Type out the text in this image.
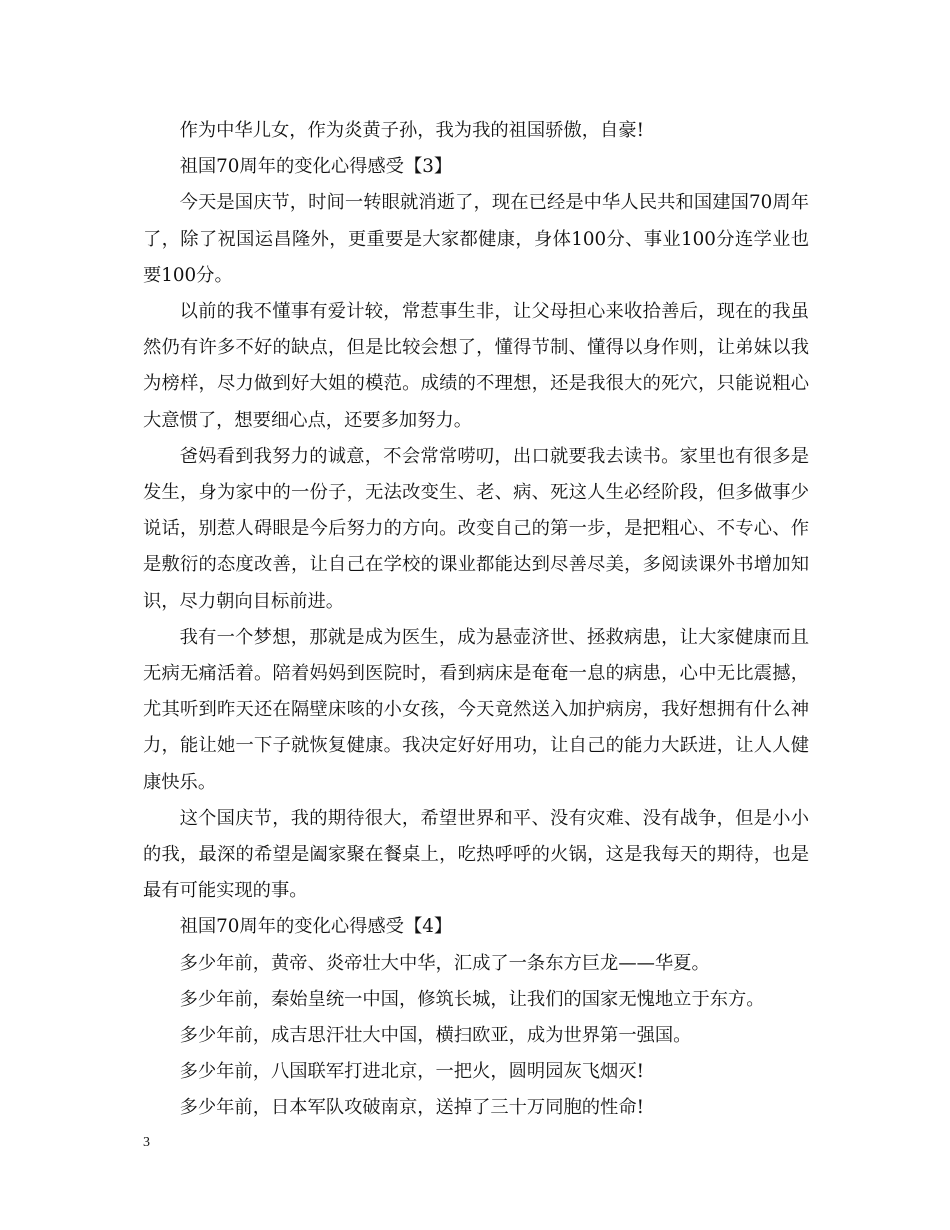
作为中华儿女，作为炎黄子孙，我为我的祖国骄傲，自豪!

祖国70周年的变化心得感受【3】

今天是国庆节，时间一转眼就消逝了，现在已经是中华人民共和国建国70周年了，除了祝国运昌隆外，更重要是大家都健康，身体100分、事业100分连学业也要100分。

以前的我不懂事有爱计较，常惹事生非，让父母担心来收拾善后，现在的我虽然仍有许多不好的缺点，但是比较会想了，懂得节制、懂得以身作则，让弟妹以我为榜样，尽力做到好大姐的模范。成绩的不理想，还是我很大的死穴，只能说粗心大意惯了，想要细心点，还要多加努力。

爸妈看到我努力的诚意，不会常常唠叨，出口就要我去读书。家里也有很多是发生，身为家中的一份子，无法改变生、老、病、死这人生必经阶段，但多做事少说话，别惹人碍眼是今后努力的方向。改变自己的第一步，是把粗心、不专心、作是敷衍的态度改善，让自己在学校的课业都能达到尽善尽美，多阅读课外书增加知识，尽力朝向目标前进。

我有一个梦想，那就是成为医生，成为悬壶济世、拯救病患，让大家健康而且无病无痛活着。陪着妈妈到医院时，看到病床是奄奄一息的病患，心中无比震撼，尤其听到昨天还在隔壁床咳的小女孩，今天竟然送入加护病房，我好想拥有什么神力，能让她一下子就恢复健康。我决定好好用功，让自己的能力大跃进，让人人健康快乐。

这个国庆节，我的期待很大，希望世界和平、没有灾难、没有战争，但是小小的我，最深的希望是阖家聚在餐桌上，吃热呼呼的火锅，这是我每天的期待，也是最有可能实现的事。

祖国70周年的变化心得感受【4】

多少年前，黄帝、炎帝壮大中华，汇成了一条东方巨龙——华夏。

多少年前，秦始皇统一中国，修筑长城，让我们的国家无愧地立于东方。

多少年前，成吉思汗壮大中国，横扫欧亚，成为世界第一强国。

多少年前，八国联军打进北京，一把火，圆明园灰飞烟灭!

多少年前，日本军队攻破南京，送掉了三十万同胞的性命!

3
